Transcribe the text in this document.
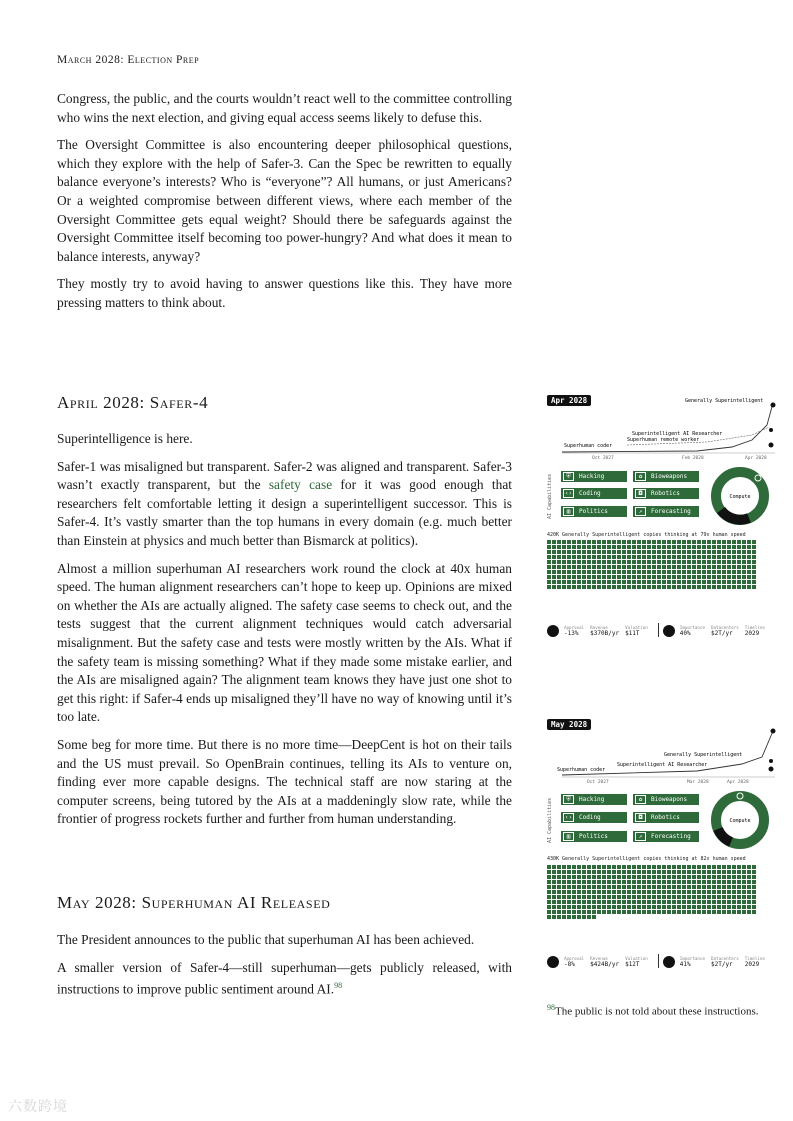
March 2028: Election Prep

Congress, the public, and the courts wouldn’t react well to the committee controlling who wins the next election, and giving equal access seems likely to defuse this.

The Oversight Committee is also encountering deeper philosophical questions, which they explore with the help of Safer-3. Can the Spec be rewritten to equally balance everyone’s interests? Who is “everyone”? All humans, or just Americans? Or a weighted compromise between different views, where each member of the Oversight Committee gets equal weight? Should there be safeguards against the Oversight Committee itself becoming too power-hungry? And what does it mean to balance interests, anyway?

They mostly try to avoid having to answer questions like this. They have more pressing matters to think about.

April 2028: Safer-4

Superintelligence is here.

Safer-1 was misaligned but transparent. Safer-2 was aligned and transparent. Safer-3 wasn’t exactly transparent, but the safety case for it was good enough that researchers felt comfortable letting it design a superintelligent successor. This is Safer-4. It’s vastly smarter than the top humans in every domain (e.g. much better than Einstein at physics and much better than Bismarck at politics).

Almost a million superhuman AI researchers work round the clock at 40x human speed. The human alignment researchers can’t hope to keep up. Opinions are mixed on whether the AIs are actually aligned. The safety case seems to check out, and the tests suggest that the current alignment techniques would catch adversarial misalignment. But the safety case and tests were mostly written by the AIs. What if the safety team is missing something? What if they made some mistake earlier, and the AIs are misaligned again? The alignment team knows they have just one shot to get this right: if Safer-4 ends up misaligned they’ll have no way of knowing until it’s too late.

Some beg for more time. But there is no more time—DeepCent is hot on their tails and the US must prevail. So OpenBrain continues, telling its AIs to venture on, finding ever more capable designs. The technical staff are now staring at the computer screens, being tutored by the AIs at a maddeningly slow rate, while the frontier of progress rockets further and further from human understanding.

May 2028: Superhuman AI Released

The President announces to the public that superhuman AI has been achieved.

A smaller version of Safer-4—still superhuman—gets publicly released, with instructions to improve public sentiment around AI.$^{98}$

Apr 2028	Generally Superintelligent
Superintelligent AI Researcher
Superhuman remote worker
Superhuman coder
Oct 2027	Feb 2028	Apr 2028
AI Capabilities	⛨	Hacking	✿	Bioweapons
‹›	Coding	◘	Robotics
▥	Politics	↗	Forecasting
Compute
420K Generally Superintelligent copies thinking at 79x human speed
Approval
-13%
Revenue
$370B/yr
Valuation
$11T
Importance
40%
Datacenters
$2T/yr
Timeline
2029
May 2028
Generally Superintelligent
Superintelligent AI Researcher
Superhuman coder
Oct 2027	Mar 2028	Apr 2028
AI Capabilities	⛨	Hacking	✿	Bioweapons
‹›	Coding	◘	Robotics
▥	Politics	↗	Forecasting
Compute
430K Generally Superintelligent copies thinking at 82x human speed
Approval
-8%
Revenue
$424B/yr
Valuation
$12T
Importance
41%
Datacenters
$2T/yr
Timeline
2029
$^{98}$The public is not told about these instructions.
六数跨境
